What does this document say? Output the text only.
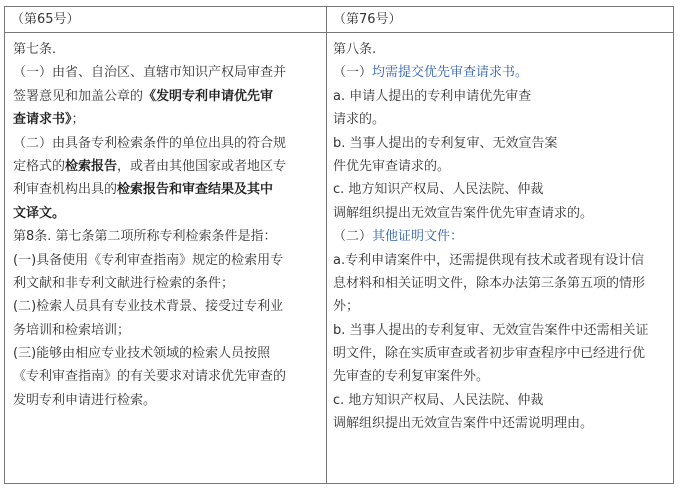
（第65号）	（第76号）
第七条．
（一）由省、自治区、直辖市知识产权局审查并
签署意见和加盖公章的《发明专利申请优先审
查请求书》；
（二）由具备专利检索条件的单位出具的符合规
定格式的检索报告，或者由其他国家或者地区专
利审查机构出具的检索报告和审查结果及其中
文译文。
第8条. 第七条第二项所称专利检索条件是指：
(一)具备使用《专利审查指南》规定的检索用专
利文献和非专利文献进行检索的条件；
(二)检索人员具有专业技术背景、接受过专利业
务培训和检索培训；
(三)能够由相应专业技术领域的检索人员按照
《专利审查指南》的有关要求对请求优先审查的
发明专利申请进行检索。
第八条.
（一）均需提交优先审查请求书。
a. 申请人提出的专利申请优先审查
请求的。
b. 当事人提出的专利复审、无效宣告案
件优先审查请求的。
c. 地方知识产权局、人民法院、仲裁
调解组织提出无效宣告案件优先审查请求的。
（二）其他证明文件：
a.专利申请案件中，还需提供现有技术或者现有设计信
息材料和相关证明文件，除本办法第三条第五项的情形
外；
b. 当事人提出的专利复审、无效宣告案件中还需相关证
明文件，除在实质审查或者初步审查程序中已经进行优
先审查的专利复审案件外。
c. 地方知识产权局、人民法院、仲裁
调解组织提出无效宣告案件中还需说明理由。
